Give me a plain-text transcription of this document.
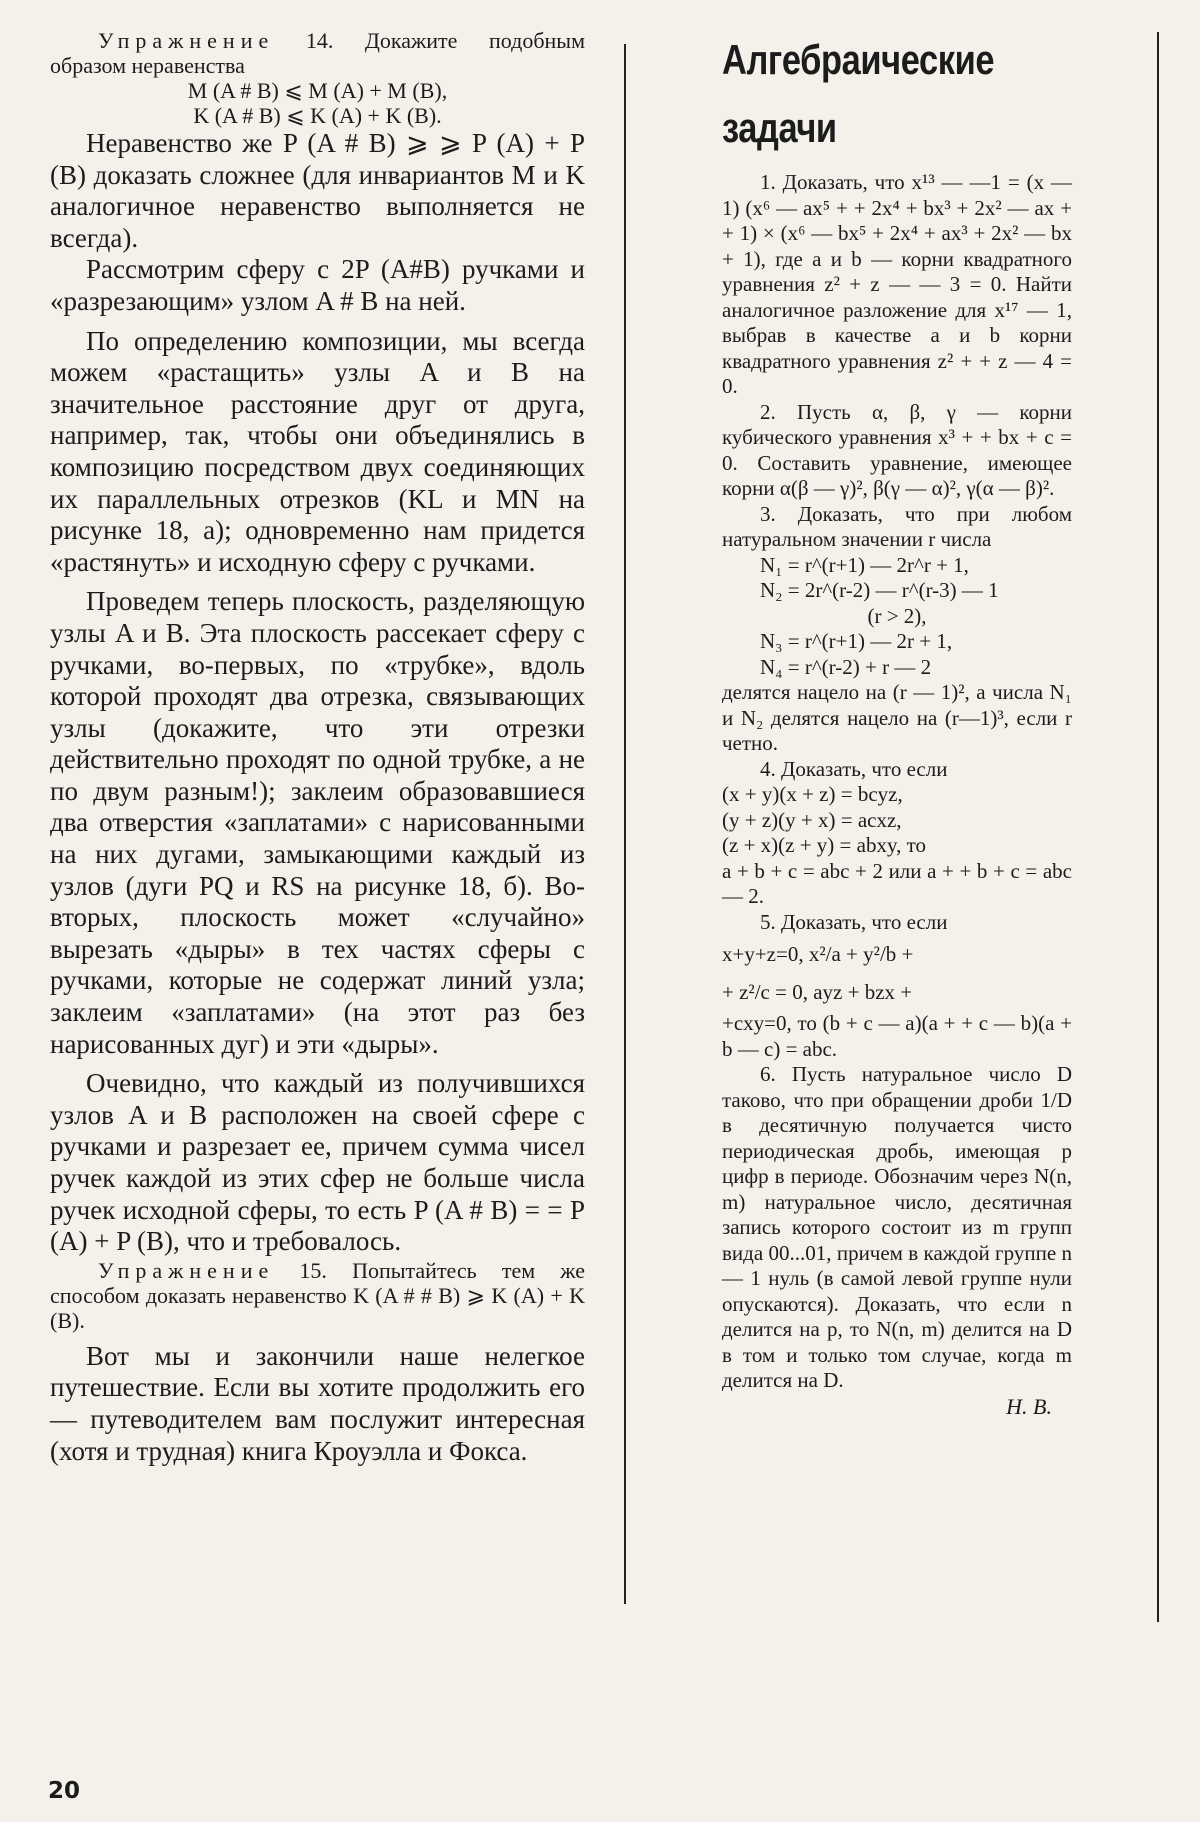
Упражнение 14. Докажите подобным образом неравенства

M (A # B) ⩽ M (A) + M (B),

K (A # B) ⩽ K (A) + K (B).

Неравенство же P (A # B) ⩾ ⩾ P (A) + P (B) доказать сложнее (для инвариантов M и K аналогичное неравенство выполняется не всегда).

Рассмотрим сферу с 2P (A#B) ручками и «разрезающим» узлом A # B на ней.

По определению композиции, мы всегда можем «растащить» узлы A и B на значительное расстояние друг от друга, например, так, чтобы они объединялись в композицию посредством двух соединяющих их параллельных отрезков (KL и MN на рисунке 18, a); одновременно нам придется «растянуть» и исходную сферу с ручками.

Проведем теперь плоскость, разделяющую узлы A и B. Эта плоскость рассекает сферу с ручками, во-первых, по «трубке», вдоль которой проходят два отрезка, связывающих узлы (докажите, что эти отрезки действительно проходят по одной трубке, а не по двум разным!); заклеим образовавшиеся два отверстия «заплатами» с нарисованными на них дугами, замыкающими каждый из узлов (дуги PQ и RS на рисунке 18, б). Во-вторых, плоскость может «случайно» вырезать «дыры» в тех частях сферы с ручками, которые не содержат линий узла; заклеим «заплатами» (на этот раз без нарисованных дуг) и эти «дыры».

Очевидно, что каждый из получившихся узлов A и B расположен на своей сфере с ручками и разрезает ее, причем сумма чисел ручек каждой из этих сфер не больше числа ручек исходной сферы, то есть P (A # B) = = P (A) + P (B), что и требовалось.

Упражнение 15. Попытайтесь тем же способом доказать неравенство K (A # # B) ⩾ K (A) + K (B).

Вот мы и закончили наше нелегкое путешествие. Если вы хотите продолжить его — путеводителем вам послужит интересная (хотя и трудная) книга Кроуэлла и Фокса.

Алгебраические

задачи

1. Доказать, что x¹³ — —1 = (x — 1) (x⁶ — ax⁵ + + 2x⁴ + bx³ + 2x² — ax + + 1) × (x⁶ — bx⁵ + 2x⁴ + ax³ + 2x² — bx + 1), где a и b — корни квадратного уравнения z² + z — — 3 = 0. Найти аналогичное разложение для x¹⁷ — 1, выбрав в качестве a и b корни квадратного уравнения z² + + z — 4 = 0.

2. Пусть α, β, γ — корни кубического уравнения x³ + + bx + c = 0. Составить уравнение, имеющее корни α(β — γ)², β(γ — α)², γ(α — β)².

3. Доказать, что при любом натуральном значении r числа

N₁ = r^(r+1) — 2r^r + 1,

N₂ = 2r^(r-2) — r^(r-3) — 1

(r > 2),

N₃ = r^(r+1) — 2r + 1,

N₄ = r^(r-2) + r — 2

делятся нацело на (r — 1)², а числа N₁ и N₂ делятся нацело на (r—1)³, если r четно.

4. Доказать, что если

(x + y)(x + z) = bcyz,

(y + z)(y + x) = acxz,

(z + x)(z + y) = abxy, то

a + b + c = abc + 2 или a + + b + c = abc — 2.

5. Доказать, что если

x+y+z=0, x²/a + y²/b +

+ z²/c = 0, ayz + bzx +

+cxy=0, то (b + c — a)(a + + c — b)(a + b — c) = abc.

6. Пусть натуральное число D таково, что при обращении дроби 1/D в десятичную получается чисто периодическая дробь, имеющая p цифр в периоде. Обозначим через N(n, m) натуральное число, десятичная запись которого состоит из m групп вида 00...01, причем в каждой группе n — 1 нуль (в самой левой группе нули опускаются). Доказать, что если n делится на p, то N(n, m) делится на D в том и только том случае, когда m делится на D.

Н. В.

20
